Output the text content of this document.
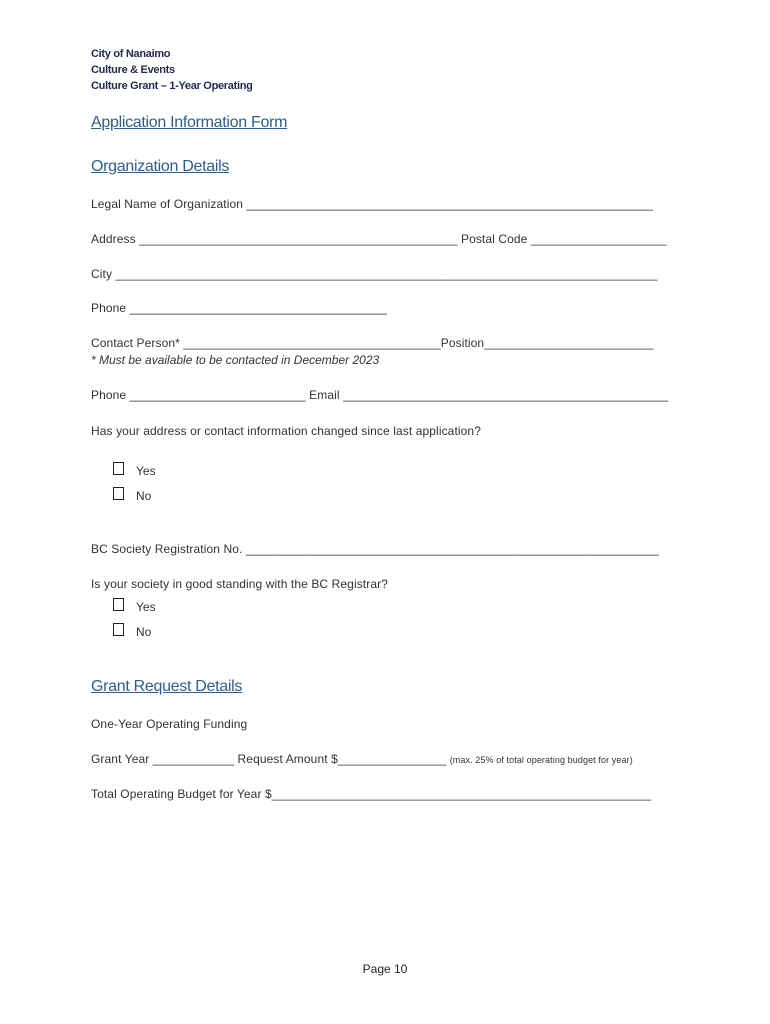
City of Nanaimo
Culture & Events
Culture Grant – 1-Year Operating
Application Information Form
Organization Details
Legal Name of Organization ____________________________________________________________
Address _______________________________________________ Postal Code ____________________
City ________________________________________________________________________________
Phone ______________________________________
Contact Person* ______________________________________Position_________________________
* Must be available to be contacted in December 2023
Phone __________________________ Email ________________________________________________
Has your address or contact information changed since last application?
Yes
No
BC Society Registration No. _____________________________________________________________
Is your society in good standing with the BC Registrar?
Yes
No
Grant Request Details
One-Year Operating Funding
Grant Year ____________ Request Amount $________________ (max. 25% of total operating budget for year)
Total Operating Budget for Year $________________________________________________________
Page 10
